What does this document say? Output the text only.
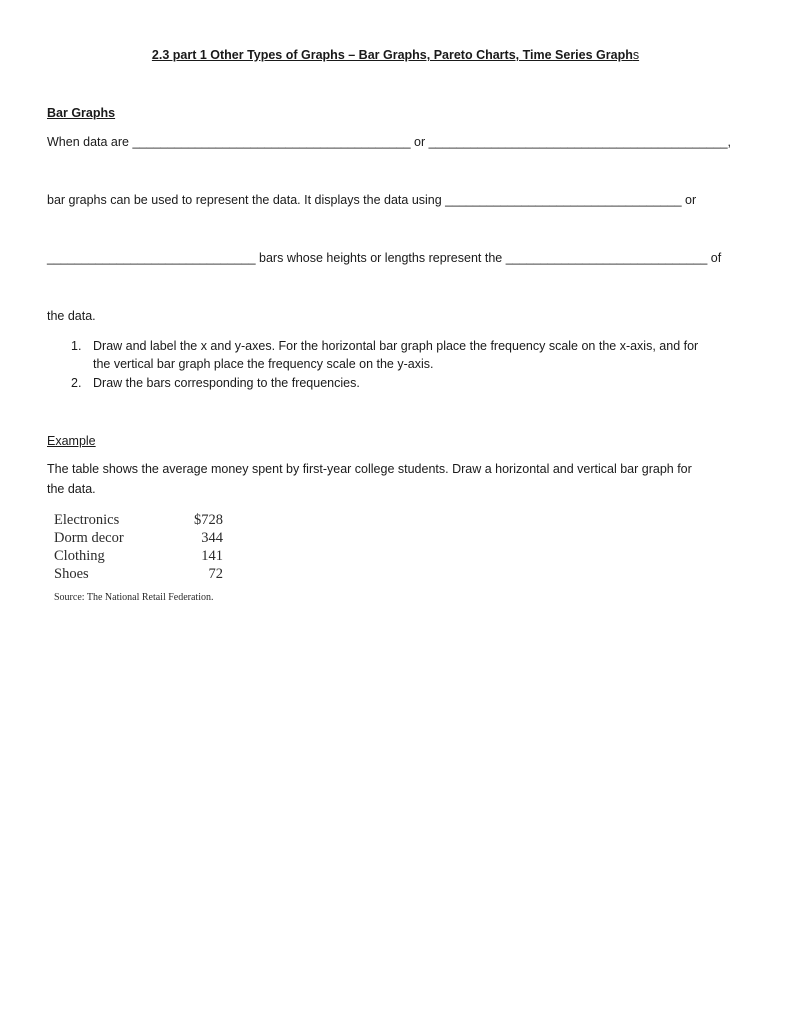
2.3 part 1 Other Types of Graphs – Bar Graphs, Pareto Charts, Time Series Graphs
Bar Graphs
When data are ________________________________________ or ___________________________________________,
bar graphs can be used to represent the data. It displays the data using __________________________________ or
______________________________ bars whose heights or lengths represent the _____________________________ of
the data.
1. Draw and label the x and y-axes. For the horizontal bar graph place the frequency scale on the x-axis, and for
the vertical bar graph place the frequency scale on the y-axis.
2. Draw the bars corresponding to the frequencies.
Example
The table shows the average money spent by first-year college students. Draw a horizontal and vertical bar graph for
the data.
Electronics	$728
Dorm decor	344
Clothing	141
Shoes	72
Source: The National Retail Federation.
